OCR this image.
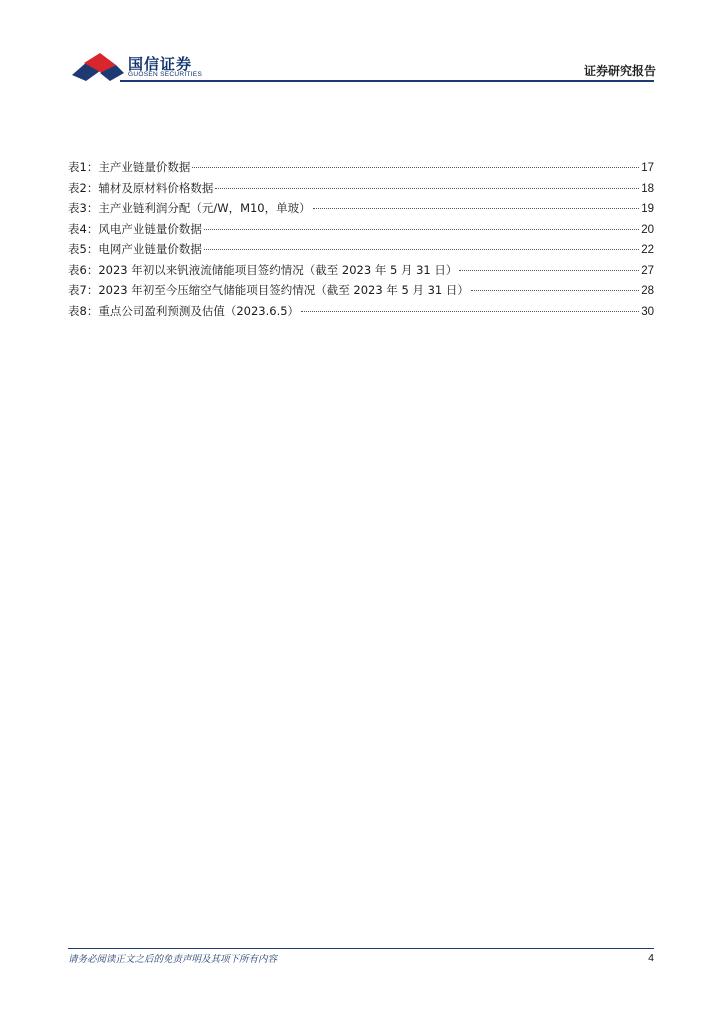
国信证券
GUOSEN SECURITIES	证券研究报告
表1： 主产业链量价数据	17
表2： 辅材及原材料价格数据	18
表3： 主产业链利润分配（元/W，M10，单玻）	19
表4： 风电产业链量价数据	20
表5： 电网产业链量价数据	22
表6： 2023 年初以来钒液流储能项目签约情况（截至 2023 年 5 月 31 日）	27
表7： 2023 年初至今压缩空气储能项目签约情况（截至 2023 年 5 月 31 日）	28
表8： 重点公司盈利预测及估值（2023.6.5）	30
请务必阅读正文之后的免责声明及其项下所有内容	4
